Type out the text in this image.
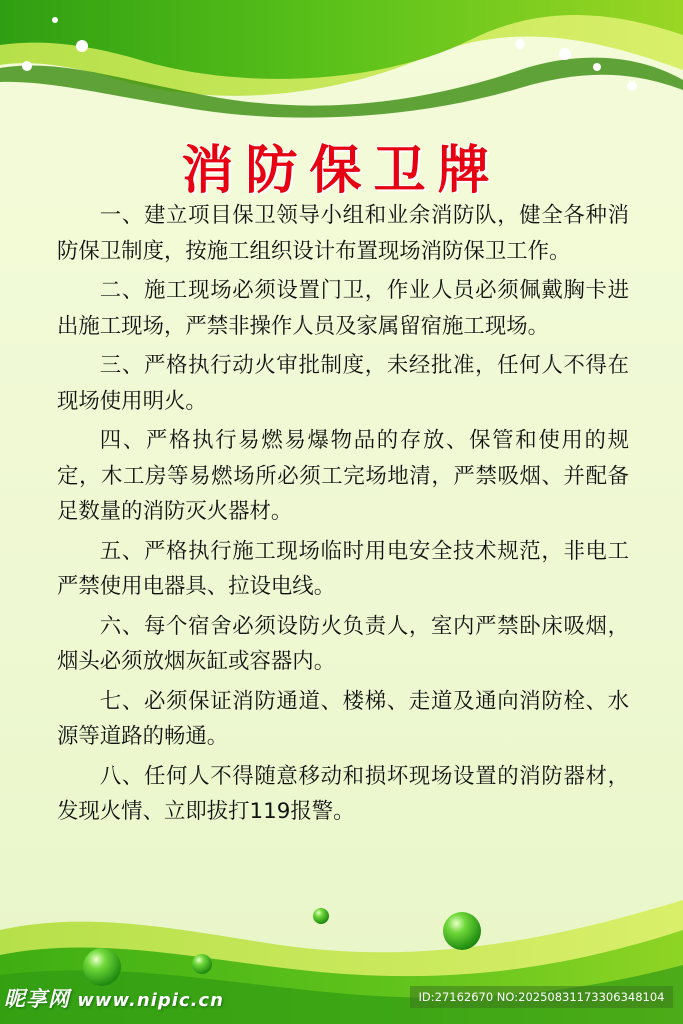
消防保卫牌

一、建立项目保卫领导小组和业余消防队，健全各种消防保卫制度，按施工组织设计布置现场消防保卫工作。

二、施工现场必须设置门卫，作业人员必须佩戴胸卡进出施工现场，严禁非操作人员及家属留宿施工现场。

三、严格执行动火审批制度，未经批准，任何人不得在现场使用明火。

四、严格执行易燃易爆物品的存放、保管和使用的规定，木工房等易燃场所必须工完场地清，严禁吸烟、并配备足数量的消防灭火器材。

五、严格执行施工现场临时用电安全技术规范，非电工严禁使用电器具、拉设电线。

六、每个宿舍必须设防火负责人，室内严禁卧床吸烟，烟头必须放烟灰缸或容器内。

七、必须保证消防通道、楼梯、走道及通向消防栓、水源等道路的畅通。

八、任何人不得随意移动和损坏现场设置的消防器材，发现火情、立即拔打119报警。

昵享网 www.nipic.cn	ID:27162670 NO:20250831173306348104
